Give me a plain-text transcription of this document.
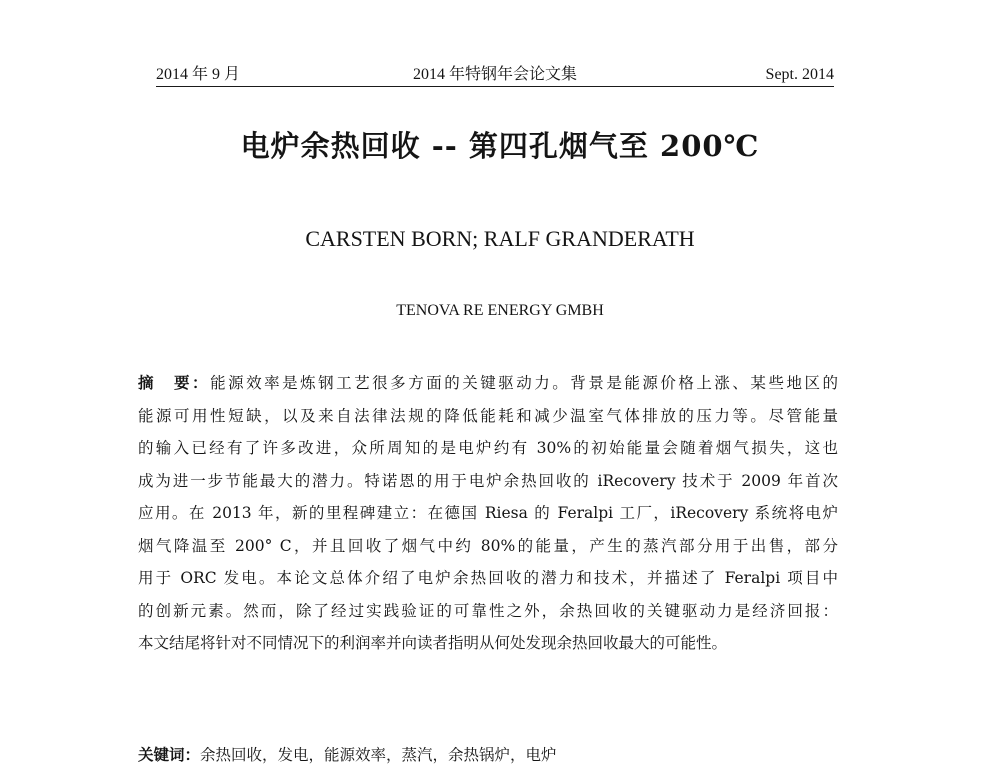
2014 年特钢年会论文集
2014 年 9 月	Sept. 2014
电炉余热回收 -- 第四孔烟气至 200℃
CARSTEN BORN; RALF GRANDERATH
TENOVA RE ENERGY GMBH
摘　要：能源效率是炼钢工艺很多方面的关键驱动力。背景是能源价格上涨、某些地区的
能源可用性短缺，以及来自法律法规的降低能耗和减少温室气体排放的压力等。尽管能量
的输入已经有了许多改进，众所周知的是电炉约有 30%的初始能量会随着烟气损失，这也
成为进一步节能最大的潜力。特诺恩的用于电炉余热回收的 iRecovery 技术于 2009 年首次
应用。在 2013 年，新的里程碑建立：在德国 Riesa 的 Feralpi 工厂，iRecovery 系统将电炉
烟气降温至 200° C，并且回收了烟气中约 80%的能量，产生的蒸汽部分用于出售，部分
用于 ORC 发电。本论文总体介绍了电炉余热回收的潜力和技术，并描述了 Feralpi 项目中
的创新元素。然而，除了经过实践验证的可靠性之外，余热回收的关键驱动力是经济回报：
本文结尾将针对不同情况下的利润率并向读者指明从何处发现余热回收最大的可能性。
关键词：余热回收，发电，能源效率，蒸汽，余热锅炉，电炉
